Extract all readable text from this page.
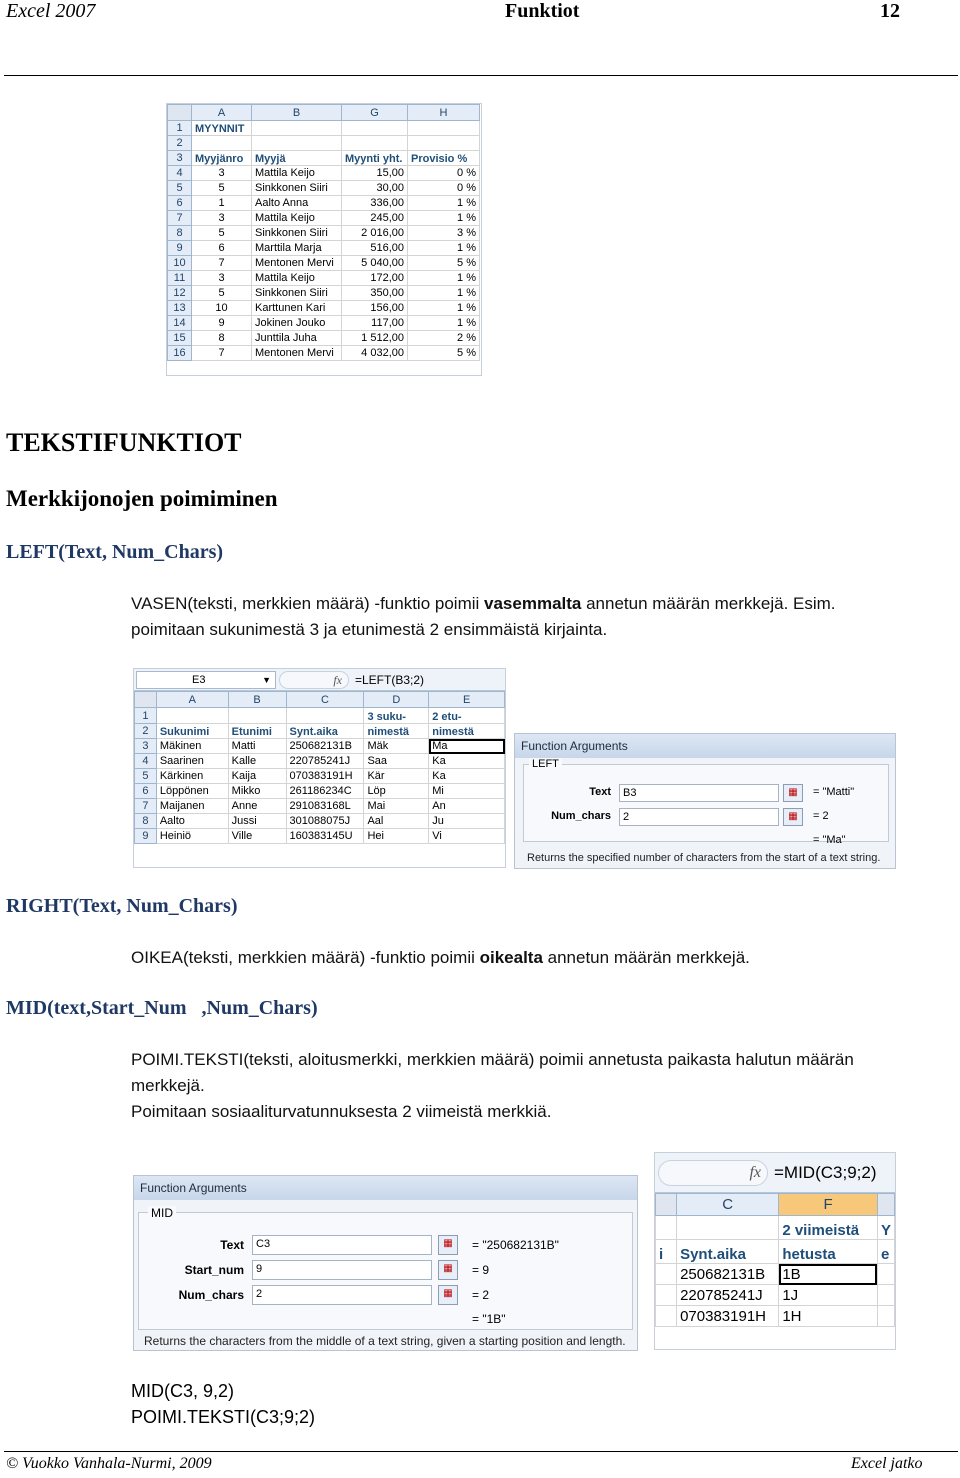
Excel 2007	Funktiot	12
	A	B	G	H
1	MYYNNIT			
2				
3	Myyjänro	Myyjä	Myynti yht.	Provisio %
4	3	Mattila Keijo	15,00	0 %
5	5	Sinkkonen Siiri	30,00	0 %
6	1	Aalto Anna	336,00	1 %
7	3	Mattila Keijo	245,00	1 %
8	5	Sinkkonen Siiri	2 016,00	3 %
9	6	Marttila Marja	516,00	1 %
10	7	Mentonen Mervi	5 040,00	5 %
11	3	Mattila Keijo	172,00	1 %
12	5	Sinkkonen Siiri	350,00	1 %
13	10	Karttunen Kari	156,00	1 %
14	9	Jokinen Jouko	117,00	1 %
15	8	Junttila Juha	1 512,00	2 %
16	7	Mentonen Mervi	4 032,00	5 %
TEKSTIFUNKTIOT
Merkkijonojen poimiminen
LEFT(Text, Num_Chars)
VASEN(teksti, merkkien määrä) -funktio poimii vasemmalta annetun määrän merkkejä. Esim.
poimitaan sukunimestä 3 ja etunimestä 2 ensimmäistä kirjainta.
E3	▼	fx	=LEFT(B3;2)
	A	B	C	D	E
1				3 suku-	2 etu-
2	Sukunimi	Etunimi	Synt.aika	nimestä	nimestä
3	Mäkinen	Matti	250682131B	Mäk	Ma
4	Saarinen	Kalle	220785241J	Saa	Ka
5	Kärkinen	Kaija	070383191H	Kär	Ka
6	Löppönen	Mikko	261186234C	Löp	Mi
7	Maijanen	Anne	291083168L	Mai	An
8	Aalto	Jussi	301088075J	Aal	Ju
9	Heiniö	Ville	160383145U	Hei	Vi
Function Arguments
LEFT
Text	B3	▦	= "Matti"
Num_chars	2	▦	= 2
= "Ma"
Returns the specified number of characters from the start of a text string.
RIGHT(Text, Num_Chars)
OIKEA(teksti, merkkien määrä) -funktio poimii oikealta annetun määrän merkkejä.
MID(text,Start_Num   ,Num_Chars)
POIMI.TEKSTI(teksti, aloitusmerkki, merkkien määrä) poimii annetusta paikasta halutun määrän
merkkejä.
Poimitaan sosiaaliturvatunnuksesta 2 viimeistä merkkiä.
Function Arguments
MID
Text	C3	▦	= "250682131B"
Start_num	9	▦	= 9
Num_chars	2	▦	= 2
= "1B"
Returns the characters from the middle of a text string, given a starting position and length.
fx =MID(C3;9;2)
	C	F	
		2 viimeistä	Y
i	Synt.aika	hetusta	e
	250682131B	1B	
	220785241J	1J	
	070383191H	1H	
MID(C3, 9,2)
POIMI.TEKSTI(C3;9;2)
© Vuokko Vanhala-Nurmi, 2009	Excel jatko
